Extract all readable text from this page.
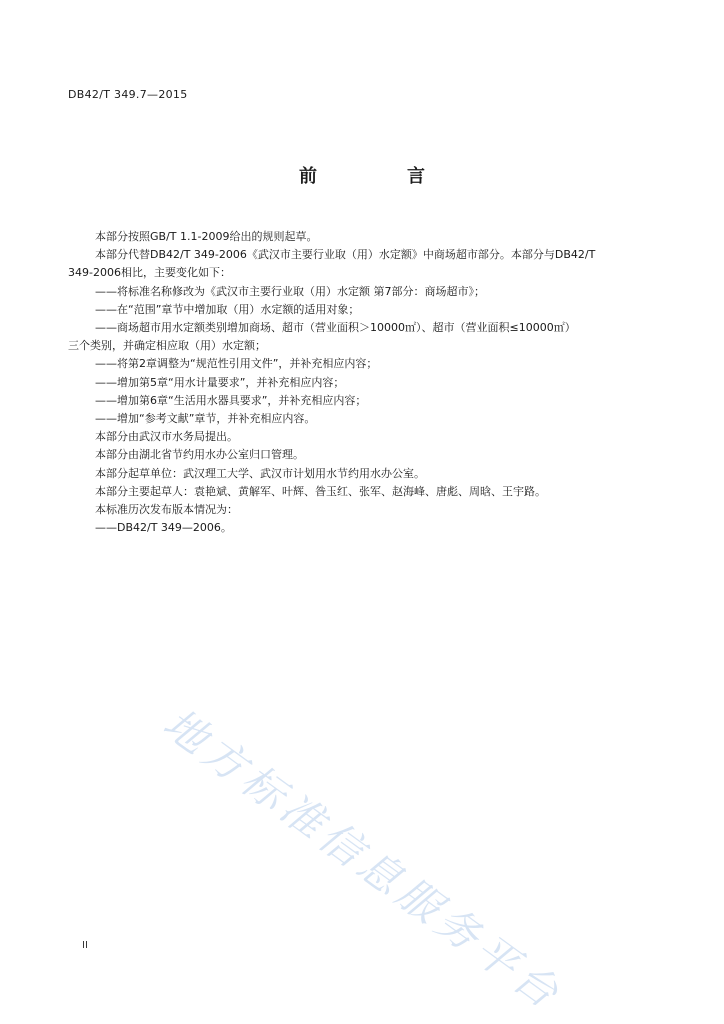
DB42/T 349.7—2015
前　言
本部分按照GB/T 1.1-2009给出的规则起草。
本部分代替DB42/T 349-2006《武汉市主要行业取（用）水定额》中商场超市部分。本部分与DB42/T
349-2006相比，主要变化如下：
——将标准名称修改为《武汉市主要行业取（用）水定额 第7部分：商场超市》；
——在“范围”章节中增加取（用）水定额的适用对象；
——商场超市用水定额类别增加商场、超市（营业面积＞10000㎡）、超市（营业面积≤10000㎡）
三个类别，并确定相应取（用）水定额；
——将第2章调整为“规范性引用文件”，并补充相应内容；
——增加第5章“用水计量要求”，并补充相应内容；
——增加第6章“生活用水器具要求”，并补充相应内容；
——增加“参考文献”章节，并补充相应内容。
本部分由武汉市水务局提出。
本部分由湖北省节约用水办公室归口管理。
本部分起草单位：武汉理工大学、武汉市计划用水节约用水办公室。
本部分主要起草人：袁艳斌、黄解军、叶辉、昝玉红、张军、赵海峰、唐彪、周晗、王宇路。
本标准历次发布版本情况为：
——DB42/T 349—2006。
地方标准信息服务平台
II
